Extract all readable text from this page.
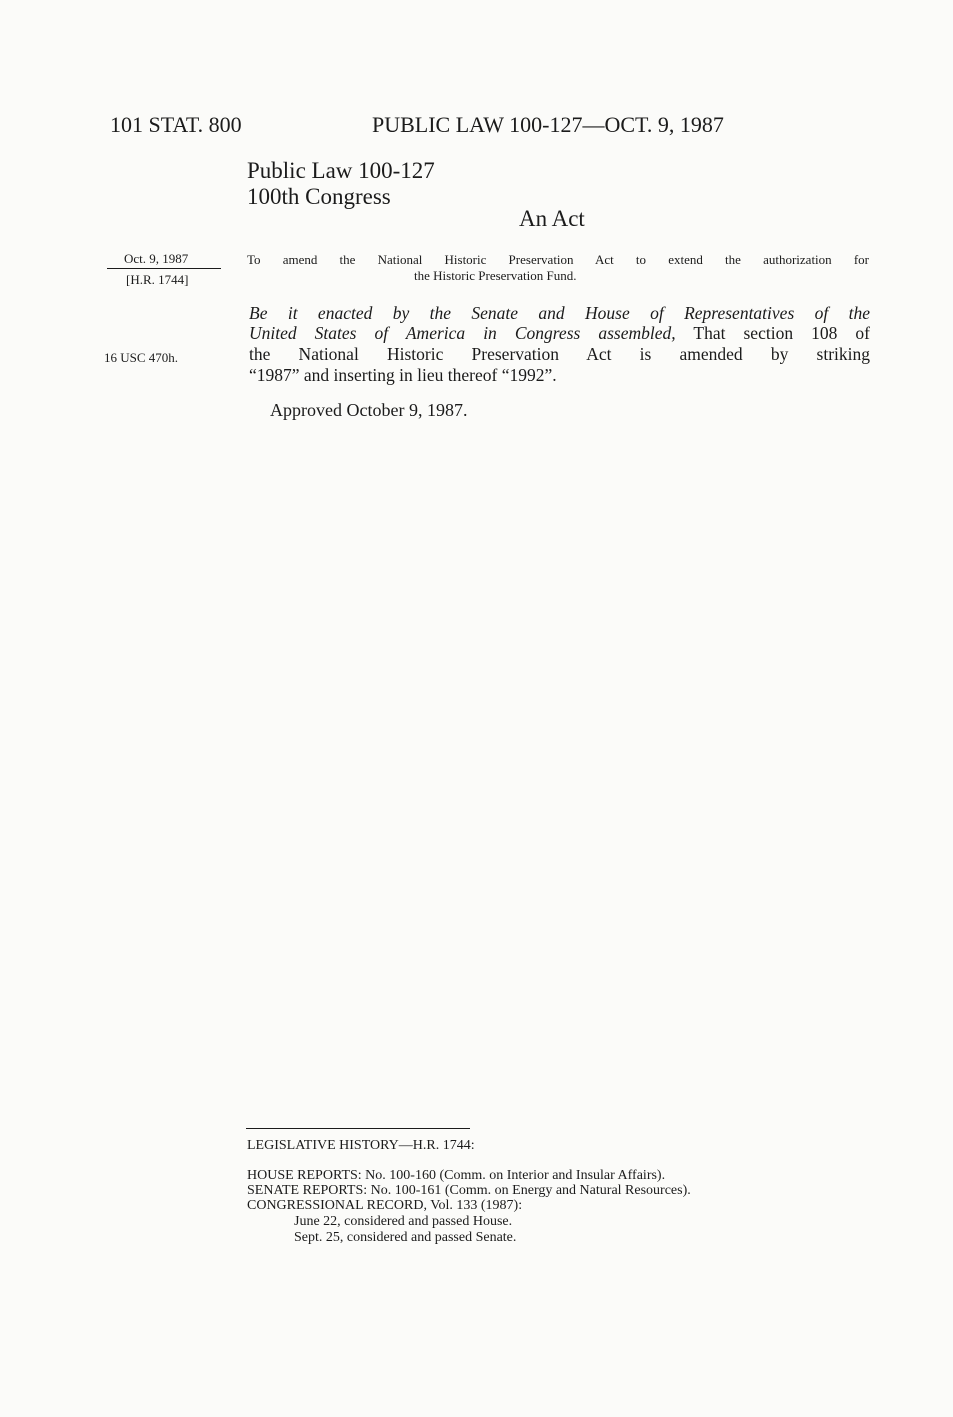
101 STAT. 800	PUBLIC LAW 100-127—OCT. 9, 1987
Public Law 100-127
100th Congress
An Act
Oct. 9, 1987
[H.R. 1744]
16 USC 470h.
To amend the National Historic Preservation Act to extend the authorization for
the Historic Preservation Fund.
Be it enacted by the Senate and House of Representatives of the
United States of America in Congress assembled, That section 108 of
the National Historic Preservation Act is amended by striking
“1987” and inserting in lieu thereof “1992”.
Approved October 9, 1987.
LEGISLATIVE HISTORY—H.R. 1744:
HOUSE REPORTS: No. 100-160 (Comm. on Interior and Insular Affairs).
SENATE REPORTS: No. 100-161 (Comm. on Energy and Natural Resources).
CONGRESSIONAL RECORD, Vol. 133 (1987):
June 22, considered and passed House.
Sept. 25, considered and passed Senate.
